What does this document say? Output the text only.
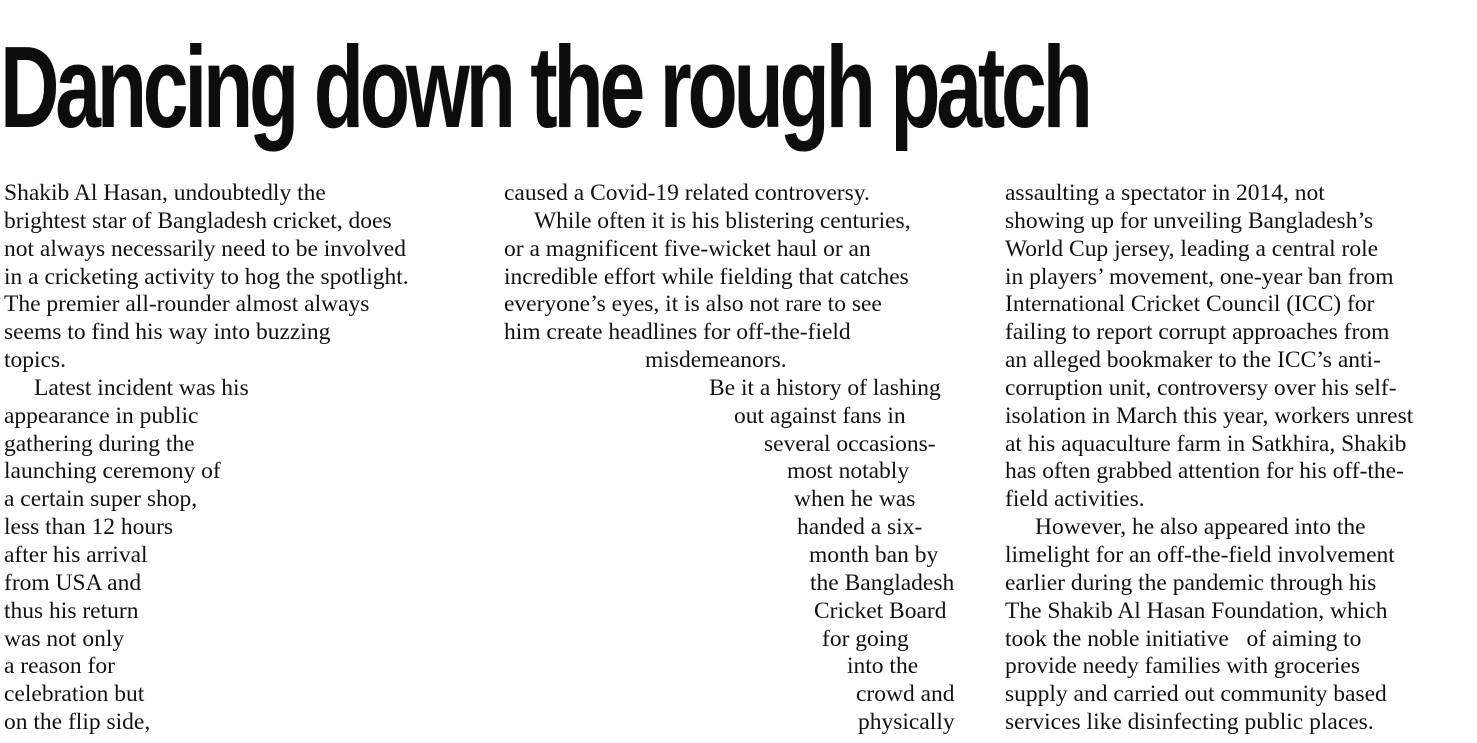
Dancing down the rough patch
Shakib Al Hasan, undoubtedly the
brightest star of Bangladesh cricket, does
not always necessarily need to be involved
in a cricketing activity to hog the spotlight.
The premier all-rounder almost always
seems to find his way into buzzing
topics.
Latest incident was his
appearance in public
gathering during the
launching ceremony of
a certain super shop,
less than 12 hours
after his arrival
from USA and
thus his return
was not only
a reason for
celebration but
on the flip side,
caused a Covid-19 related controversy.
While often it is his blistering centuries,
or a magnificent five-wicket haul or an
incredible effort while fielding that catches
everyone’s eyes, it is also not rare to see
him create headlines for off-the-field
misdemeanors.
Be it a history of lashing
out against fans in
several occasions-
most notably
when he was
handed a six-
month ban by
the Bangladesh
Cricket Board
for going
into the
crowd and
physically
assaulting a spectator in 2014, not
showing up for unveiling Bangladesh’s
World Cup jersey, leading a central role
in players’ movement, one-year ban from
International Cricket Council (ICC) for
failing to report corrupt approaches from
an alleged bookmaker to the ICC’s anti-
corruption unit, controversy over his self-
isolation in March this year, workers unrest
at his aquaculture farm in Satkhira, Shakib
has often grabbed attention for his off-the-
field activities.
However, he also appeared into the
limelight for an off-the-field involvement
earlier during the pandemic through his
The Shakib Al Hasan Foundation, which
took the noble initiative   of aiming to
provide needy families with groceries
supply and carried out community based
services like disinfecting public places.
